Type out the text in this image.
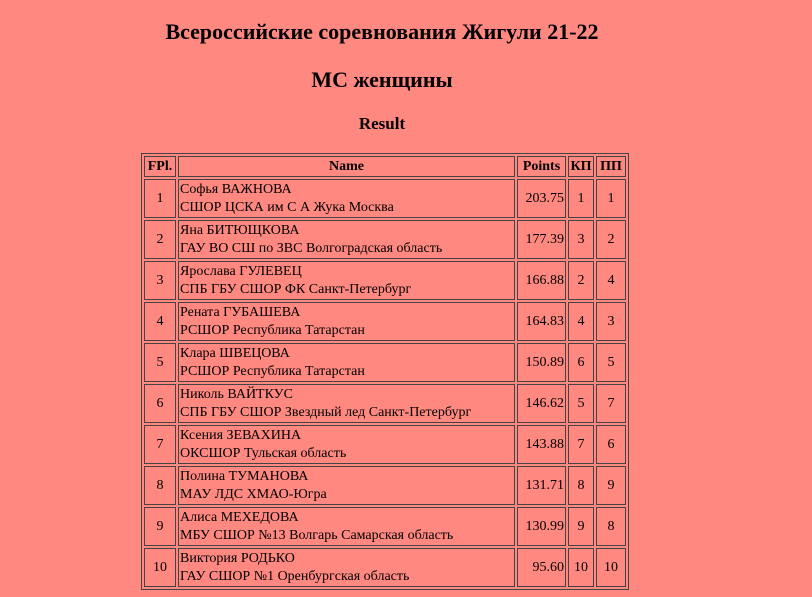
Всероссийские соревнования Жигули 21-22
МС женщины
Result
FPl.	Name	Points	КП	ПП
1	Софья ВАЖНОВА
СШОР ЦСКА им С А Жука Москва	203.75	1	1
2	Яна БИТЮЩКОВА
ГАУ ВО СШ по ЗВС Волгоградская область	177.39	3	2
3	Ярослава ГУЛЕВЕЦ
СПБ ГБУ СШОР ФК Санкт-Петербург	166.88	2	4
4	Рената ГУБАШЕВА
РСШОР Республика Татарстан	164.83	4	3
5	Клара ШВЕЦОВА
РСШОР Республика Татарстан	150.89	6	5
6	Николь ВАЙТКУС
СПБ ГБУ СШОР Звездный лед Санкт-Петербург	146.62	5	7
7	Ксения ЗЕВАХИНА
ОКСШОР Тульская область	143.88	7	6
8	Полина ТУМАНОВА
МАУ ЛДС ХМАО-Югра	131.71	8	9
9	Алиса МЕХЕДОВА
МБУ СШОР №13 Волгарь Самарская область	130.99	9	8
10	Виктория РОДЬКО
ГАУ СШОР №1 Оренбургская область	95.60	10	10
